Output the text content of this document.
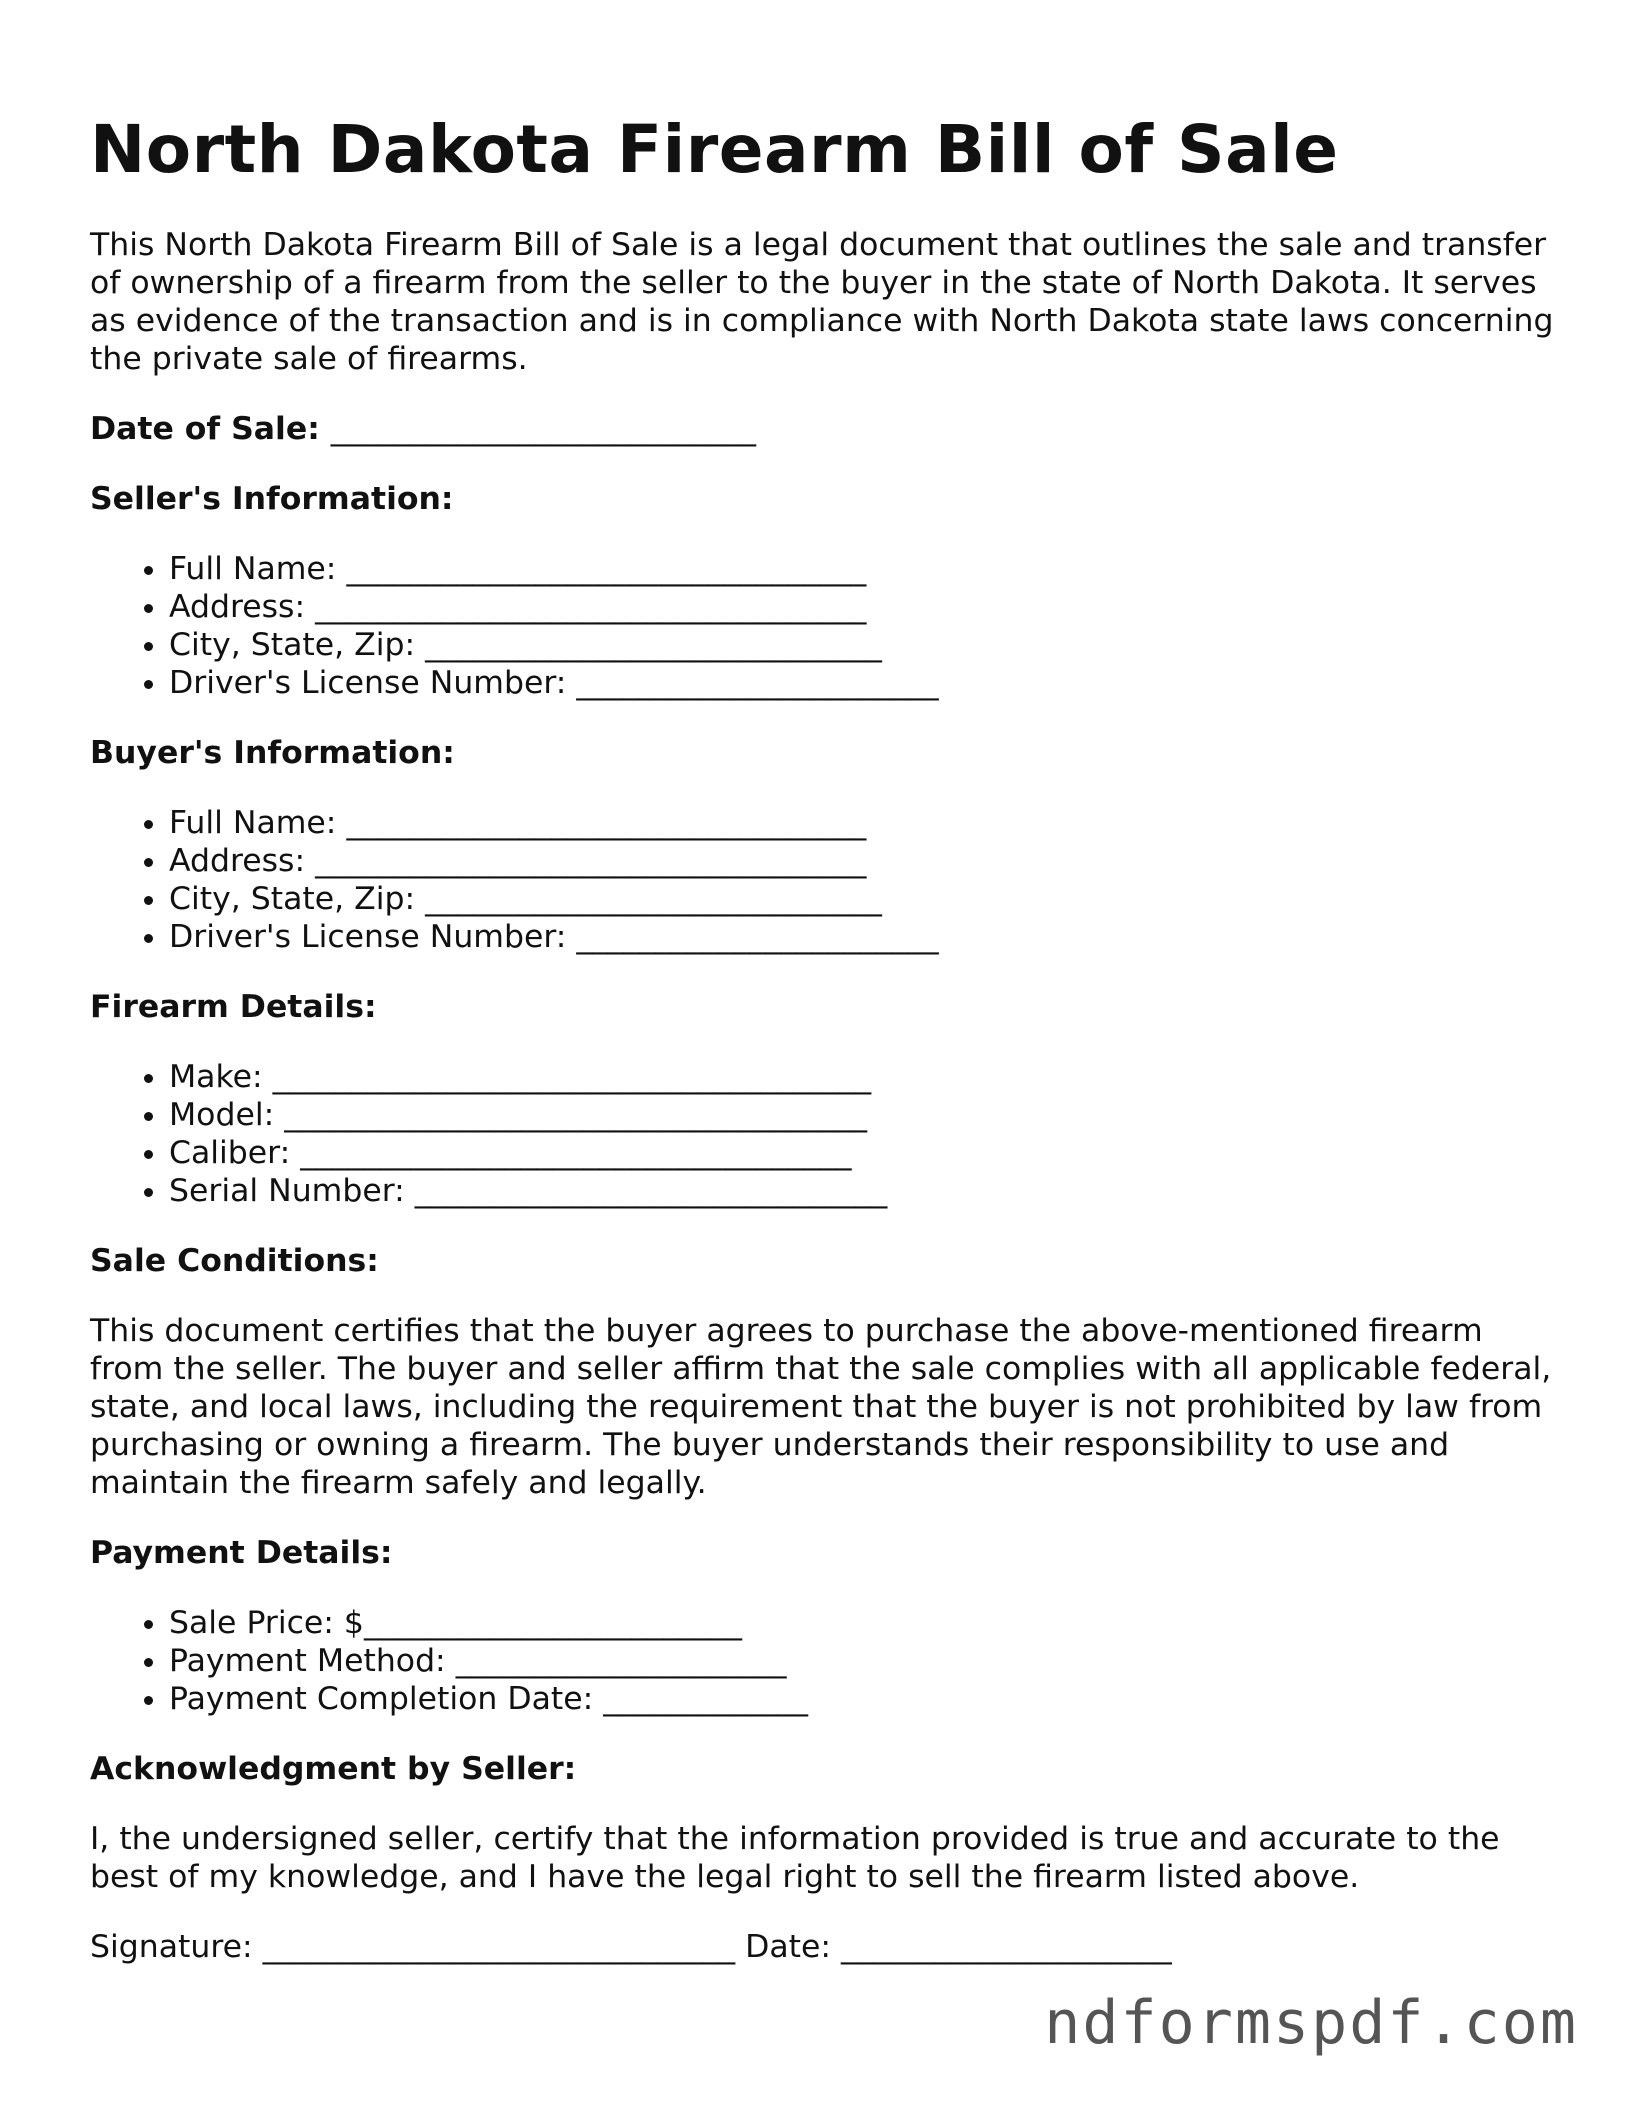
North Dakota Firearm Bill of Sale

This North Dakota Firearm Bill of Sale is a legal document that outlines the sale and transfer of ownership of a firearm from the seller to the buyer in the state of North Dakota. It serves as evidence of the transaction and is in compliance with North Dakota state laws concerning the private sale of firearms.

Date of Sale: ___________________________
Seller's Information:
• Full Name: _________________________________
• Address: ___________________________________
• City, State, Zip: _____________________________
• Driver's License Number: _______________________
Buyer's Information:
• Full Name: _________________________________
• Address: ___________________________________
• City, State, Zip: _____________________________
• Driver's License Number: _______________________
Firearm Details:
• Make: ______________________________________
• Model: _____________________________________
• Caliber: ___________________________________
• Serial Number: ______________________________
Sale Conditions:

This document certifies that the buyer agrees to purchase the above-mentioned firearm from the seller. The buyer and seller affirm that the sale complies with all applicable federal, state, and local laws, including the requirement that the buyer is not prohibited by law from purchasing or owning a firearm. The buyer understands their responsibility to use and maintain the firearm safely and legally.

Payment Details:
• Sale Price: $________________________
• Payment Method: _____________________
• Payment Completion Date: _____________
Acknowledgment by Seller:

I, the undersigned seller, certify that the information provided is true and accurate to the best of my knowledge, and I have the legal right to sell the firearm listed above.

Signature: ______________________________ Date: _____________________
ndformspdf.com
